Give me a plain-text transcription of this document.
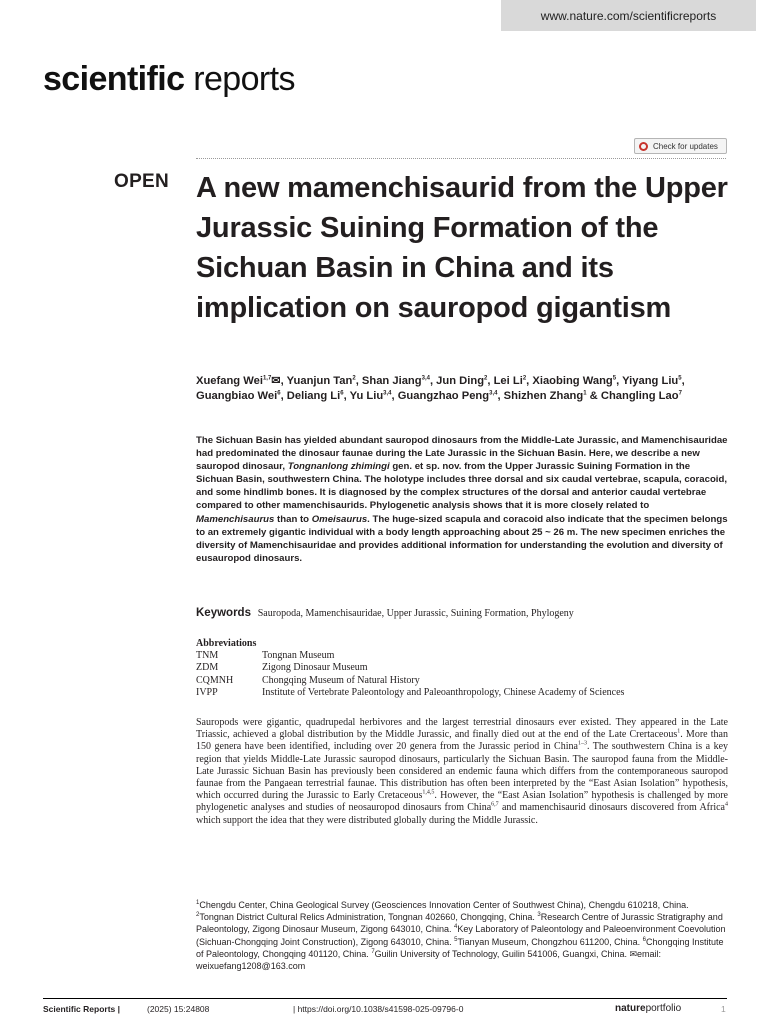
www.nature.com/scientificreports
scientific reports
Check for updates
OPEN A new mamenchisaurid from the Upper Jurassic Suining Formation of the Sichuan Basin in China and its implication on sauropod gigantism
Xuefang Wei$^{1,7}$✉, Yuanjun Tan$^2$, Shan Jiang$^{3,4}$, Jun Ding$^2$, Lei Li$^2$, Xiaobing Wang$^5$, Yiyang Liu$^5$, Guangbiao Wei$^6$, Deliang Li$^6$, Yu Liu$^{3,4}$, Guangzhao Peng$^{3,4}$, Shizhen Zhang$^1$ & Changling Lao$^7$
The Sichuan Basin has yielded abundant sauropod dinosaurs from the Middle-Late Jurassic, and Mamenchisauridae had predominated the dinosaur faunae during the Late Jurassic in the Sichuan Basin. Here, we describe a new sauropod dinosaur, Tongnanlong zhimingi gen. et sp. nov. from the Upper Jurassic Suining Formation in the Sichuan Basin, southwestern China. The holotype includes three dorsal and six caudal vertebrae, scapula, coracoid, and some hindlimb bones. It is diagnosed by the complex structures of the dorsal and anterior caudal vertebrae compared to other mamenchisaurids. Phylogenetic analysis shows that it is more closely related to Mamenchisaurus than to Omeisaurus. The huge-sized scapula and coracoid also indicate that the specimen belongs to an extremely gigantic individual with a body length approaching about 25 ~ 26 m. The new specimen enriches the diversity of Mamenchisauridae and provides additional information for understanding the evolution and diversity of eusauropod dinosaurs.
Keywords Sauropoda, Mamenchisauridae, Upper Jurassic, Suining Formation, Phylogeny
Abbreviations
TNM	Tongnan Museum
ZDM	Zigong Dinosaur Museum
CQMNH	Chongqing Museum of Natural History
IVPP	Institute of Vertebrate Paleontology and Paleoanthropology, Chinese Academy of Sciences
Sauropods were gigantic, quadrupedal herbivores and the largest terrestrial dinosaurs ever existed. They appeared in the Late Triassic, achieved a global distribution by the Middle Jurassic, and finally died out at the end of the Late Crertaceous$^1$. More than 150 genera have been identified, including over 20 genera from the Jurassic period in China$^{1-3}$. The southwestern China is a key region that yields Middle-Late Jurassic sauropod dinosaurs, particularly the Sichuan Basin. The sauropod fauna from the Middle-Late Jurassic Sichuan Basin has previously been considered an endemic fauna which differs from the contemporaneous sauropod faunae from the Pangaean terrestrial faunae. This distribution has often been interpreted by the “East Asian Isolation” hypothesis, which occurred during the Jurassic to Early Cretaceous$^{1,4,5}$. However, the “East Asian Isolation” hypothesis is challenged by more phylogenetic analyses and studies of neosauropod dinosaurs from China$^{6,7}$ and mamenchisaurid dinosaurs discovered from Africa$^4$ which support the idea that they were distributed globally during the Middle Jurassic.
$^1$Chengdu Center, China Geological Survey (Geosciences Innovation Center of Southwest China), Chengdu 610218, China. $^2$Tongnan District Cultural Relics Administration, Tongnan 402660, Chongqing, China. $^3$Research Centre of Jurassic Stratigraphy and Paleontology, Zigong Dinosaur Museum, Zigong 643010, China. $^4$Key Laboratory of Paleontology and Paleoenvironment Coevolution (Sichuan-Chongqing Joint Construction), Zigong 643010, China. $^5$Tianyan Museum, Chongzhou 611200, China. $^6$Chongqing Institute of Paleontology, Chongqing 401120, China. $^7$Guilin University of Technology, Guilin 541006, Guangxi, China. ✉email: weixuefang1208@163.com
Scientific Reports |	(2025) 15:24808	| https://doi.org/10.1038/s41598-025-09796-0	natureportfolio	1
